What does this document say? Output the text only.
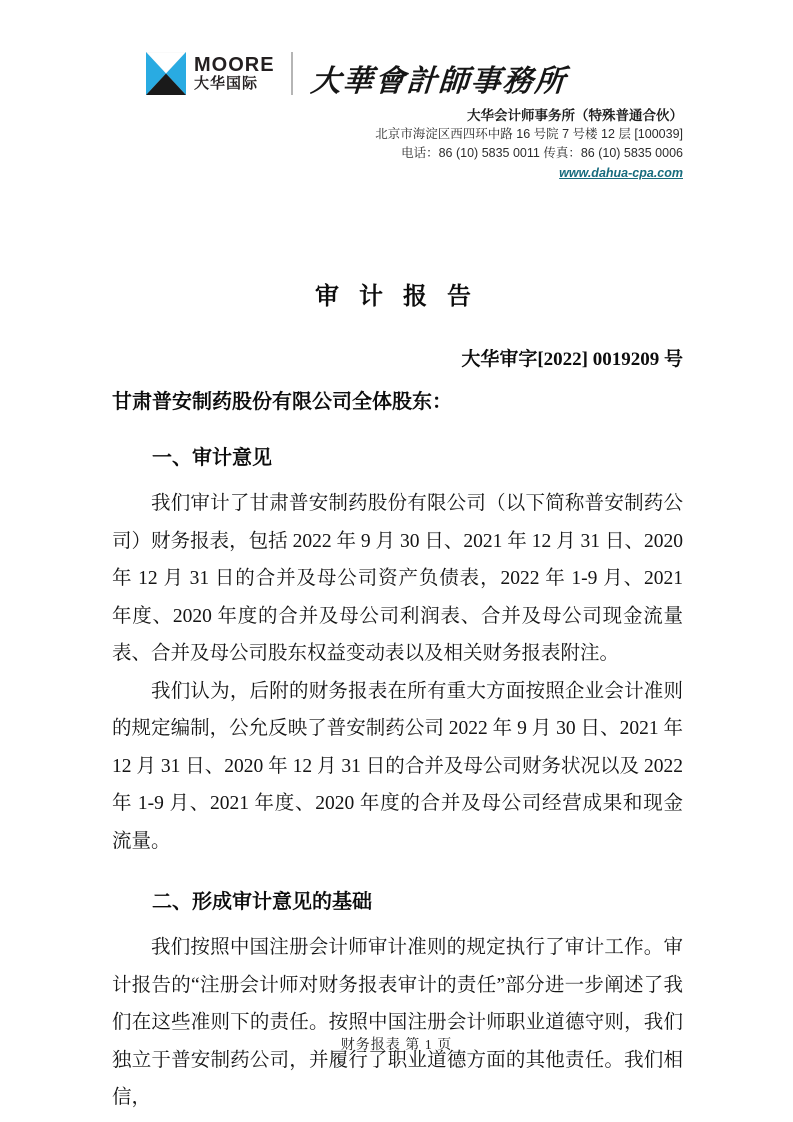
MOORE
大华国际	大華會計師事務所
大华会计师事务所（特殊普通合伙）
北京市海淀区西四环中路 16 号院 7 号楼 12 层 [100039]
电话：86 (10) 5835 0011 传真：86 (10) 5835 0006
www.dahua-cpa.com
审 计 报 告
大华审字[2022] 0019209 号
甘肃普安制药股份有限公司全体股东：
一、审计意见

我们审计了甘肃普安制药股份有限公司（以下简称普安制药公司）财务报表，包括 2022 年 9 月 30 日、2021 年 12 月 31 日、2020 年 12 月 31 日的合并及母公司资产负债表，2022 年 1-9 月、2021 年度、2020 年度的合并及母公司利润表、合并及母公司现金流量表、合并及母公司股东权益变动表以及相关财务报表附注。

我们认为，后附的财务报表在所有重大方面按照企业会计准则的规定编制，公允反映了普安制药公司 2022 年 9 月 30 日、2021 年 12 月 31 日、2020 年 12 月 31 日的合并及母公司财务状况以及 2022 年 1-9 月、2021 年度、2020 年度的合并及母公司经营成果和现金流量。

二、形成审计意见的基础

我们按照中国注册会计师审计准则的规定执行了审计工作。审计报告的“注册会计师对财务报表审计的责任”部分进一步阐述了我们在这些准则下的责任。按照中国注册会计师职业道德守则，我们独立于普安制药公司，并履行了职业道德方面的其他责任。我们相信，

财务报表 第 1 页
